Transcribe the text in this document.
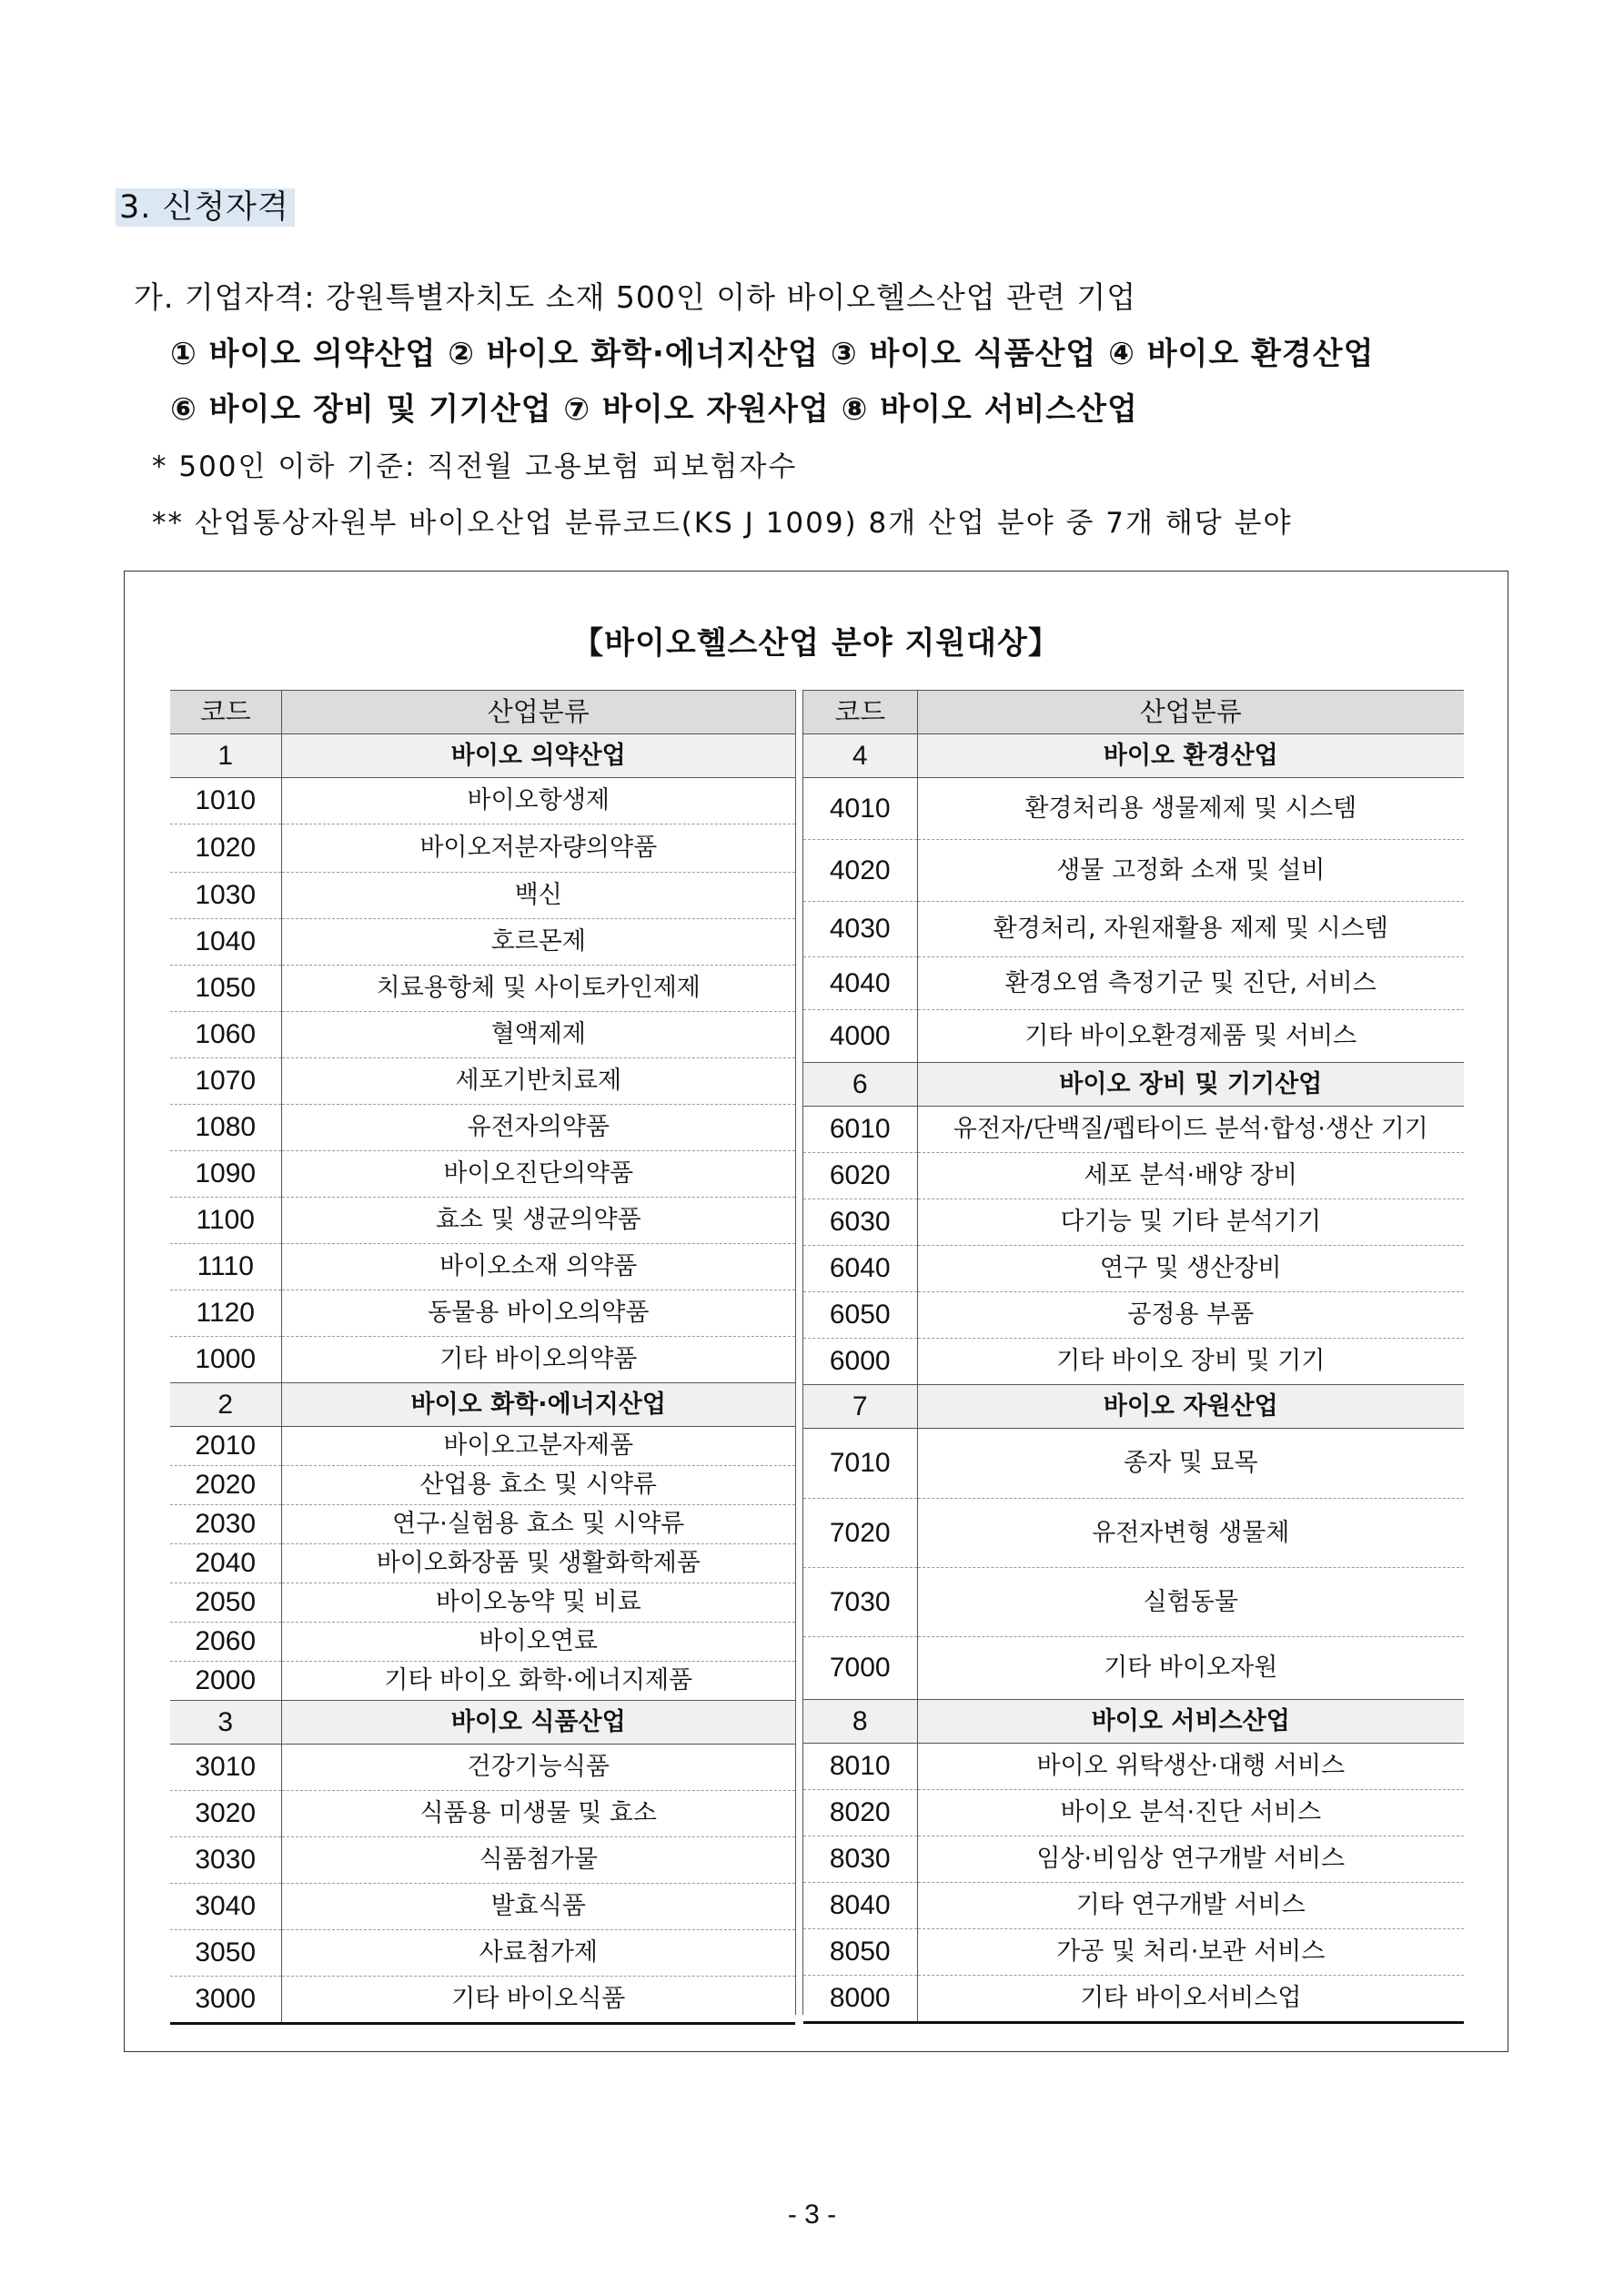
3. 신청자격
가. 기업자격: 강원특별자치도 소재 500인 이하 바이오헬스산업 관련 기업
① 바이오 의약산업 ② 바이오 화학·에너지산업 ③ 바이오 식품산업 ④ 바이오 환경산업
⑥ 바이오 장비 및 기기산업 ⑦ 바이오 자원사업 ⑧ 바이오 서비스산업
* 500인 이하 기준: 직전월 고용보험 피보험자수
** 산업통상자원부 바이오산업 분류코드(KS J 1009) 8개 산업 분야 중 7개 해당 분야
【바이오헬스산업 분야 지원대상】
코드	산업분류
1	바이오 의약산업
1010	바이오항생제
1020	바이오저분자량의약품
1030	백신
1040	호르몬제
1050	치료용항체 및 사이토카인제제
1060	혈액제제
1070	세포기반치료제
1080	유전자의약품
1090	바이오진단의약품
1100	효소 및 생균의약품
1110	바이오소재 의약품
1120	동물용 바이오의약품
1000	기타 바이오의약품
2	바이오 화학·에너지산업
2010	바이오고분자제품
2020	산업용 효소 및 시약류
2030	연구·실험용 효소 및 시약류
2040	바이오화장품 및 생활화학제품
2050	바이오농약 및 비료
2060	바이오연료
2000	기타 바이오 화학·에너지제품
3	바이오 식품산업
3010	건강기능식품
3020	식품용 미생물 및 효소
3030	식품첨가물
3040	발효식품
3050	사료첨가제
3000	기타 바이오식품
코드	산업분류
4	바이오 환경산업
4010	환경처리용 생물제제 및 시스템
4020	생물 고정화 소재 및 설비
4030	환경처리, 자원재활용 제제 및 시스템
4040	환경오염 측정기군 및 진단, 서비스
4000	기타 바이오환경제품 및 서비스
6	바이오 장비 및 기기산업
6010	유전자/단백질/펩타이드 분석·합성·생산 기기
6020	세포 분석·배양 장비
6030	다기능 및 기타 분석기기
6040	연구 및 생산장비
6050	공정용 부품
6000	기타 바이오 장비 및 기기
7	바이오 자원산업
7010	종자 및 묘목
7020	유전자변형 생물체
7030	실험동물
7000	기타 바이오자원
8	바이오 서비스산업
8010	바이오 위탁생산·대행 서비스
8020	바이오 분석·진단 서비스
8030	임상·비임상 연구개발 서비스
8040	기타 연구개발 서비스
8050	가공 및 처리·보관 서비스
8000	기타 바이오서비스업
- 3 -
